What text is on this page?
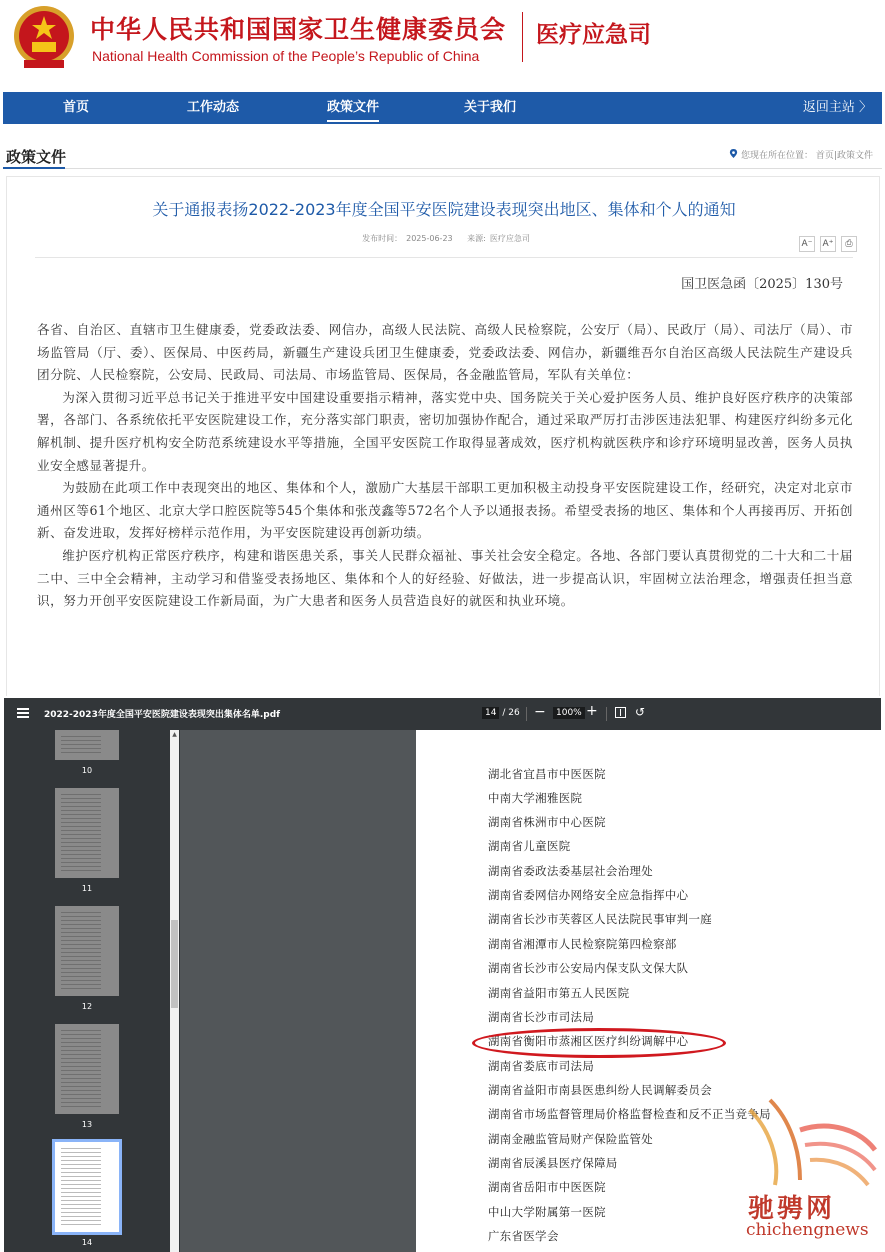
中华人民共和国国家卫生健康委员会
National Health Commission of the People’s Republic of China
医疗应急司
首页	工作动态	政策文件	关于我们	返回主站 〉
政策文件	您现在所在位置： 首页|政策文件
关于通报表扬2022-2023年度全国平安医院建设表现突出地区、集体和个人的通知
发布时间： 2025-06-23 来源: 医疗应急司
A⁻ A⁺ ⎙
国卫医急函〔2025〕130号

各省、自治区、直辖市卫生健康委，党委政法委、网信办，高级人民法院、高级人民检察院，公安厅（局）、民政厅（局）、司法厅（局）、市场监管局（厅、委）、医保局、中医药局，新疆生产建设兵团卫生健康委，党委政法委、网信办，新疆维吾尔自治区高级人民法院生产建设兵团分院、人民检察院，公安局、民政局、司法局、市场监管局、医保局，各金融监管局，军队有关单位：

为深入贯彻习近平总书记关于推进平安中国建设重要指示精神，落实党中央、国务院关于关心爱护医务人员、维护良好医疗秩序的决策部署，各部门、各系统依托平安医院建设工作，充分落实部门职责，密切加强协作配合，通过采取严厉打击涉医违法犯罪、构建医疗纠纷多元化解机制、提升医疗机构安全防范系统建设水平等措施，全国平安医院工作取得显著成效，医疗机构就医秩序和诊疗环境明显改善，医务人员执业安全感显著提升。

为鼓励在此项工作中表现突出的地区、集体和个人，激励广大基层干部职工更加积极主动投身平安医院建设工作，经研究，决定对北京市通州区等61个地区、北京大学口腔医院等545个集体和张茂鑫等572名个人予以通报表扬。希望受表扬的地区、集体和个人再接再厉、开拓创新、奋发进取，发挥好榜样示范作用，为平安医院建设再创新功绩。

维护医疗机构正常医疗秩序，构建和谐医患关系，事关人民群众福祉、事关社会安全稳定。各地、各部门要认真贯彻党的二十大和二十届二中、三中全会精神，主动学习和借鉴受表扬地区、集体和个人的好经验、好做法，进一步提高认识，牢固树立法治理念，增强责任担当意识，努力开创平安医院建设工作新局面，为广大患者和医务人员营造良好的就医和执业环境。

2022-2023年度全国平安医院建设表现突出集体名单.pdf	14 / 26 −	100% +	↺
10
11
12
13
14
▲
湖北省宜昌市中医医院
中南大学湘雅医院
湖南省株洲市中心医院
湖南省儿童医院
湖南省委政法委基层社会治理处
湖南省委网信办网络安全应急指挥中心
湖南省长沙市芙蓉区人民法院民事审判一庭
湖南省湘潭市人民检察院第四检察部
湖南省长沙市公安局内保支队文保大队
湖南省益阳市第五人民医院
湖南省长沙市司法局
湖南省衡阳市蒸湘区医疗纠纷调解中心
湖南省娄底市司法局
湖南省益阳市南县医患纠纷人民调解委员会
湖南省市场监督管理局价格监督检查和反不正当竞争局
湖南金融监管局财产保险监管处
湖南省辰溪县医疗保障局
湖南省岳阳市中医医院
中山大学附属第一医院
广东省医学会
驰骋网
chichengnews
